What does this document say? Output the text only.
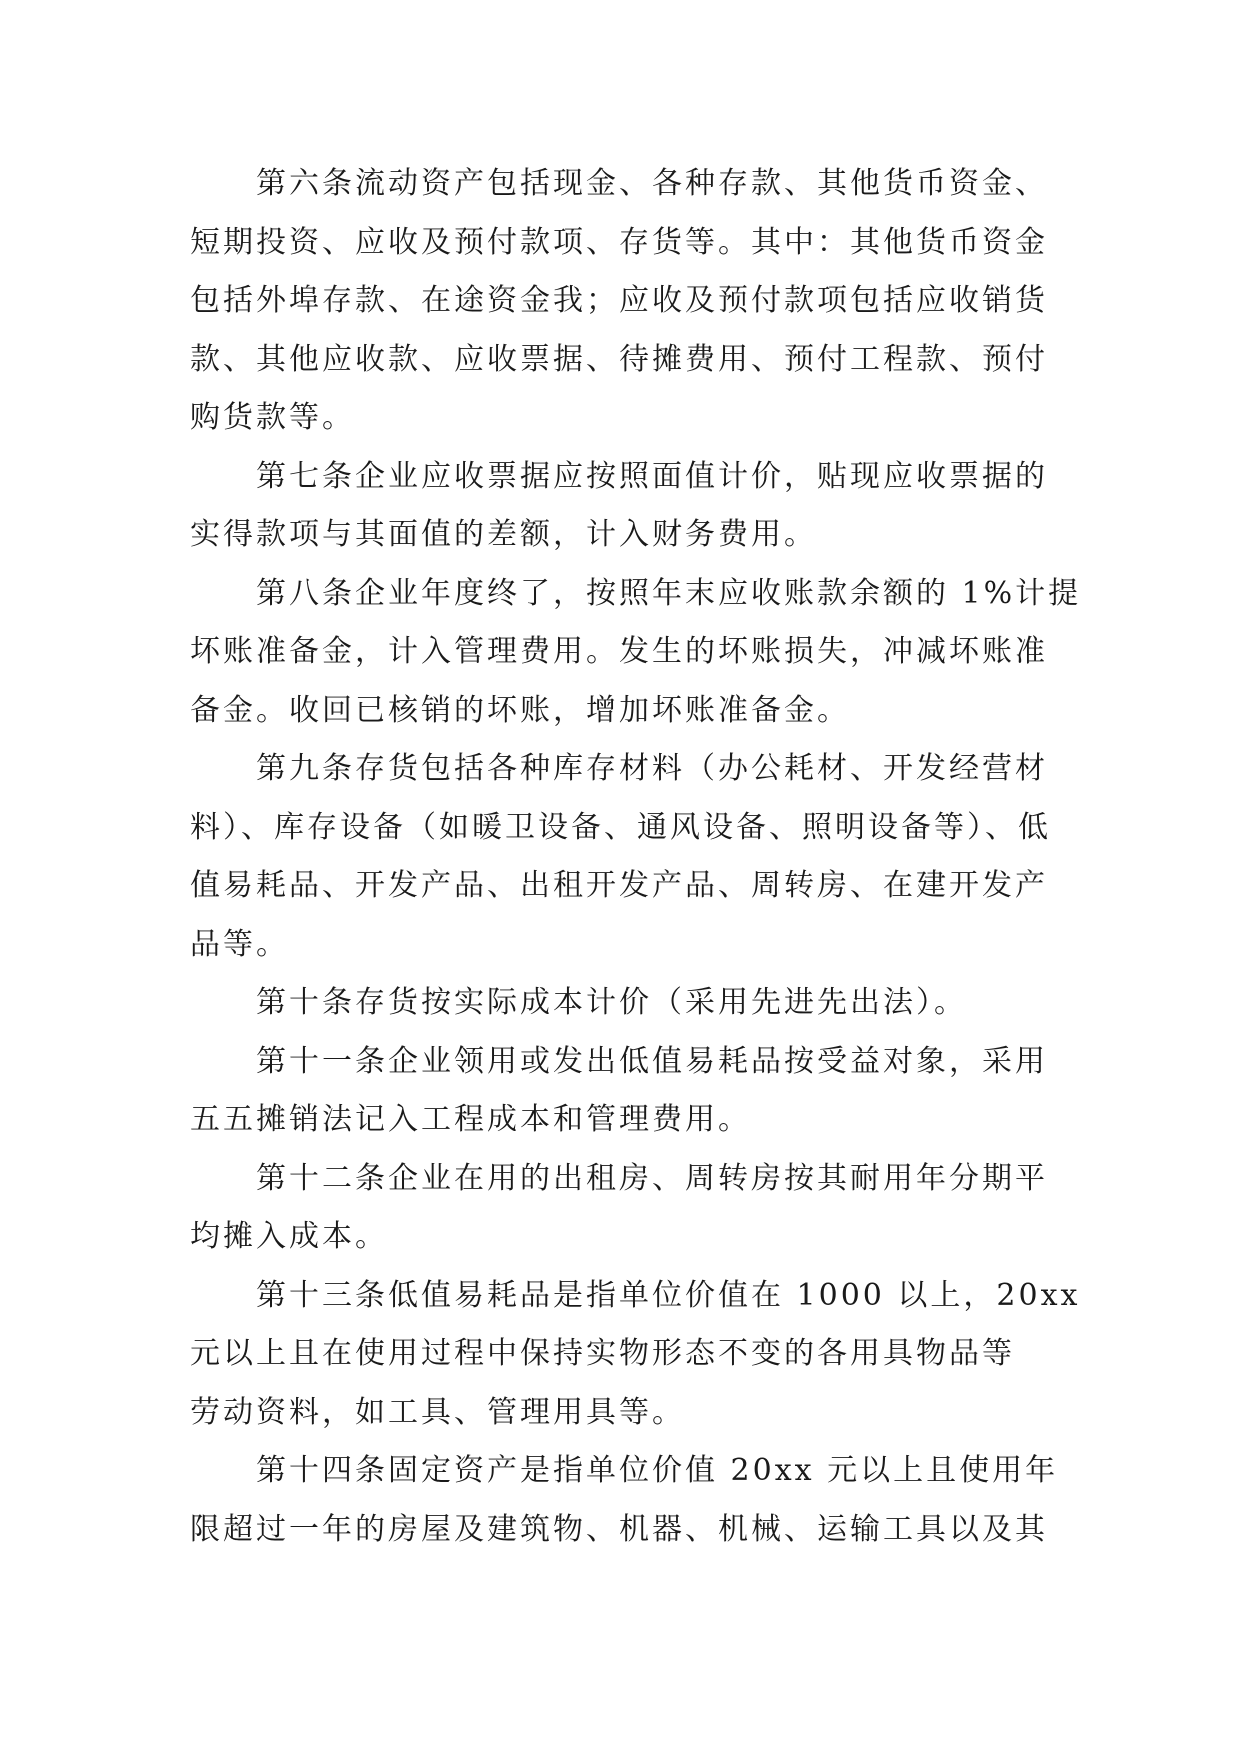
第六条流动资产包括现金、各种存款、其他货币资金、
短期投资、应收及预付款项、存货等。其中：其他货币资金
包括外埠存款、在途资金我；应收及预付款项包括应收销货
款、其他应收款、应收票据、待摊费用、预付工程款、预付
购货款等。

第七条企业应收票据应按照面值计价，贴现应收票据的
实得款项与其面值的差额，计入财务费用。

第八条企业年度终了，按照年末应收账款余额的 1%计提
坏账准备金，计入管理费用。发生的坏账损失，冲减坏账准
备金。收回已核销的坏账，增加坏账准备金。

第九条存货包括各种库存材料（办公耗材、开发经营材
料）、库存设备（如暖卫设备、通风设备、照明设备等）、低
值易耗品、开发产品、出租开发产品、周转房、在建开发产
品等。

第十条存货按实际成本计价（采用先进先出法）。

第十一条企业领用或发出低值易耗品按受益对象，采用
五五摊销法记入工程成本和管理费用。

第十二条企业在用的出租房、周转房按其耐用年分期平
均摊入成本。

第十三条低值易耗品是指单位价值在 1000 以上，20xx
元以上且在使用过程中保持实物形态不变的各用具物品等
劳动资料，如工具、管理用具等。

第十四条固定资产是指单位价值 20xx 元以上且使用年
限超过一年的房屋及建筑物、机器、机械、运输工具以及其
